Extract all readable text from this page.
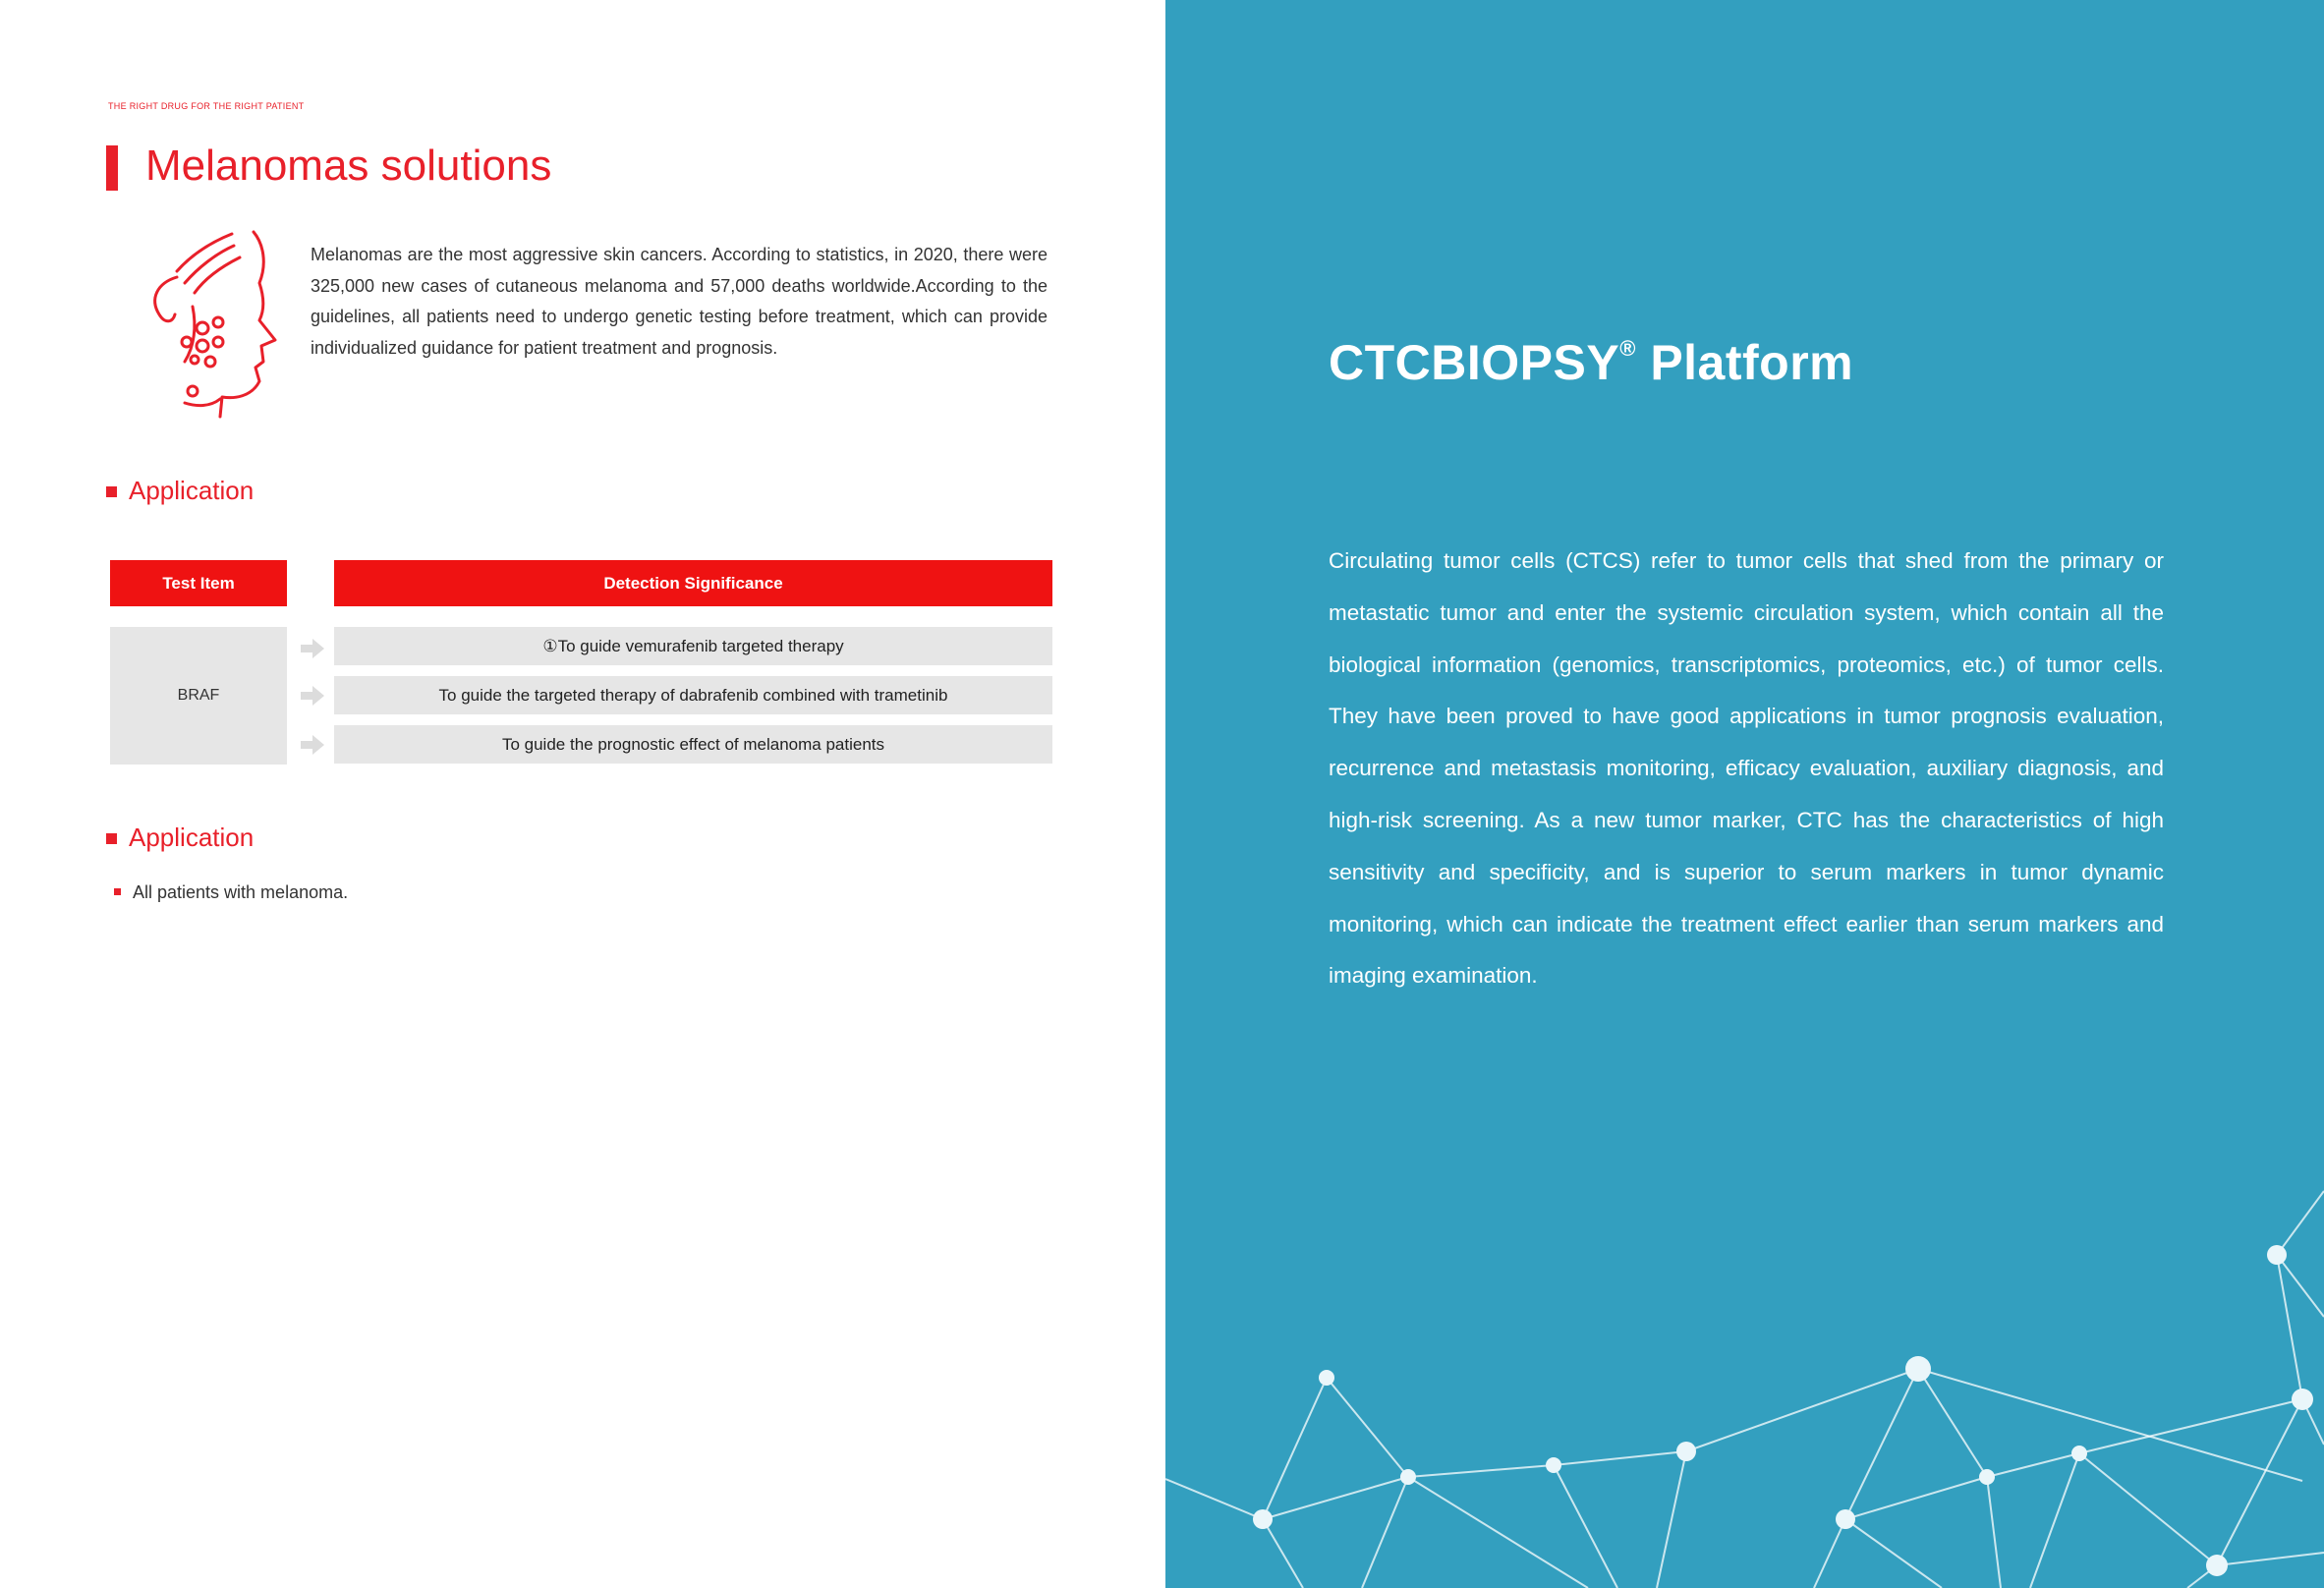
THE RIGHT DRUG FOR THE RIGHT PATIENT
Melanomas solutions

Melanomas are the most aggressive skin cancers. According to statistics, in 2020, there were 325,000 new cases of cutaneous melanoma and 57,000 deaths worldwide.According to the guidelines, all patients need to undergo genetic testing before treatment, which can provide individualized guidance for patient treatment and prognosis.

Application
Test Item	Detection Significance
BRAF
①To guide vemurafenib targeted therapy
To guide the targeted therapy of dabrafenib combined with trametinib
To guide the prognostic effect of melanoma patients
Application
All patients with melanoma.
CTCBIOPSY® Platform

Circulating tumor cells (CTCS) refer to tumor cells that shed from the primary or metastatic tumor and enter the systemic circulation system, which contain all the biological information (genomics, transcriptomics, proteomics, etc.) of tumor cells. They have been proved to have good applications in tumor prognosis evaluation, recurrence and metastasis monitoring, efficacy evaluation, auxiliary diagnosis, and high-risk screening. As a new tumor marker, CTC has the characteristics of high sensitivity and specificity, and is superior to serum markers in tumor dynamic monitoring, which can indicate the treatment effect earlier than serum markers and imaging examination.
